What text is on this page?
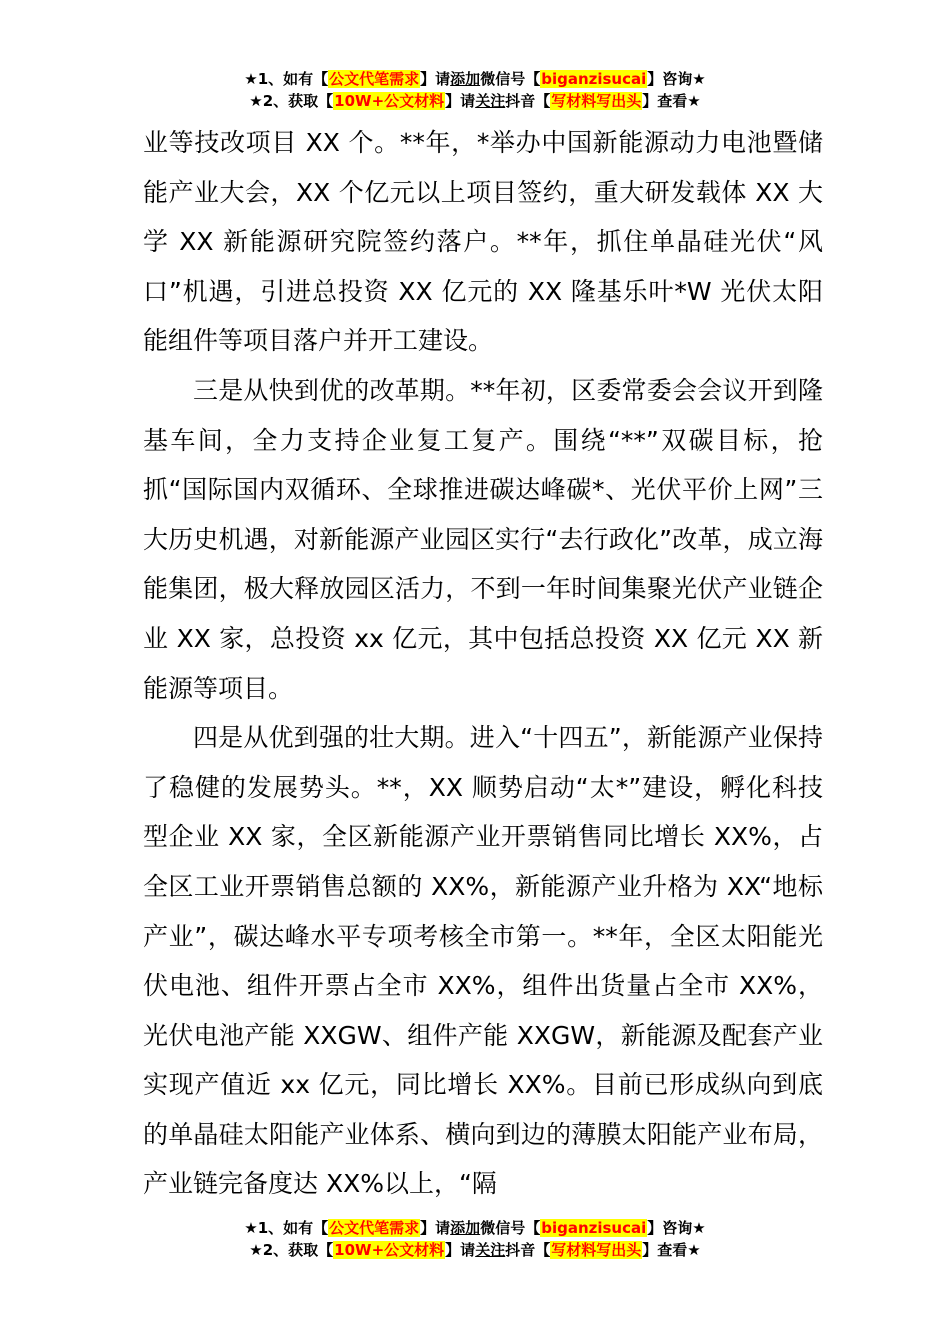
★1、如有【公文代笔需求】请添加微信号【biganzisucai】咨询★
★2、获取【10W+公文材料】请关注抖音【写材料写出头】查看★

业等技改项目 XX 个。**年，*举办中国新能源动力电池暨储能产业大会，XX 个亿元以上项目签约，重大研发载体 XX 大学 XX 新能源研究院签约落户。**年，抓住单晶硅光伏“风口”机遇，引进总投资 XX 亿元的 XX 隆基乐叶*W 光伏太阳能组件等项目落户并开工建设。

三是从快到优的改革期。**年初，区委常委会会议开到隆基车间，全力支持企业复工复产。围绕“**”双碳目标，抢抓“国际国内双循环、全球推进碳达峰碳*、光伏平价上网”三大历史机遇，对新能源产业园区实行“去行政化”改革，成立海能集团，极大释放园区活力，不到一年时间集聚光伏产业链企业 XX 家，总投资 xx 亿元，其中包括总投资 XX 亿元 XX 新能源等项目。

四是从优到强的壮大期。进入“十四五”，新能源产业保持了稳健的发展势头。**，XX 顺势启动“太*”建设，孵化科技型企业 XX 家，全区新能源产业开票销售同比增长 XX%，占全区工业开票销售总额的 XX%，新能源产业升格为 XX“地标产业”，碳达峰水平专项考核全市第一。**年，全区太阳能光伏电池、组件开票占全市 XX%，组件出货量占全市 XX%，光伏电池产能 XXGW、组件产能 XXGW，新能源及配套产业实现产值近 xx 亿元，同比增长 XX%。目前已形成纵向到底的单晶硅太阳能产业体系、横向到边的薄膜太阳能产业布局，产业链完备度达 XX%以上，“隔

★1、如有【公文代笔需求】请添加微信号【biganzisucai】咨询★
★2、获取【10W+公文材料】请关注抖音【写材料写出头】查看★
